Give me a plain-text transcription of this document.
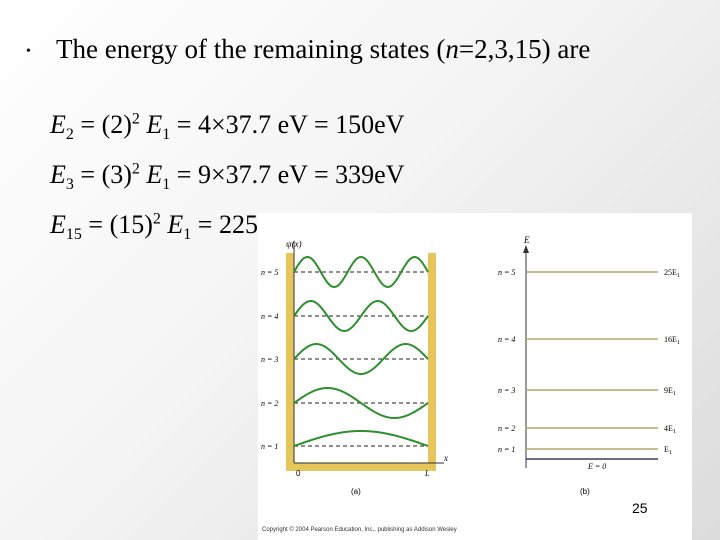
• The energy of the remaining states (n=2,3,15) are
$E_2 = (2)^2$ $E_1 = 4\times 37.7$ eV = 150eV
$E_3 = (3)^2$ $E_1 = 9\times 37.7$ eV = 339eV
$E_{15} = (15)^2$ $E_1 = 225$
ψ(x)
x
0	L
(a)
n = 5
n = 4
n = 3
n = 2
n = 1
E
n = 5
n = 4
n = 3
n = 2
n = 1
$25E_1$
$16E_1$
$9E_1$
$4E_1$
$E_1$
E = 0
(b)
25
Copyright © 2004 Pearson Education, Inc., publishing as Addison Wesley
